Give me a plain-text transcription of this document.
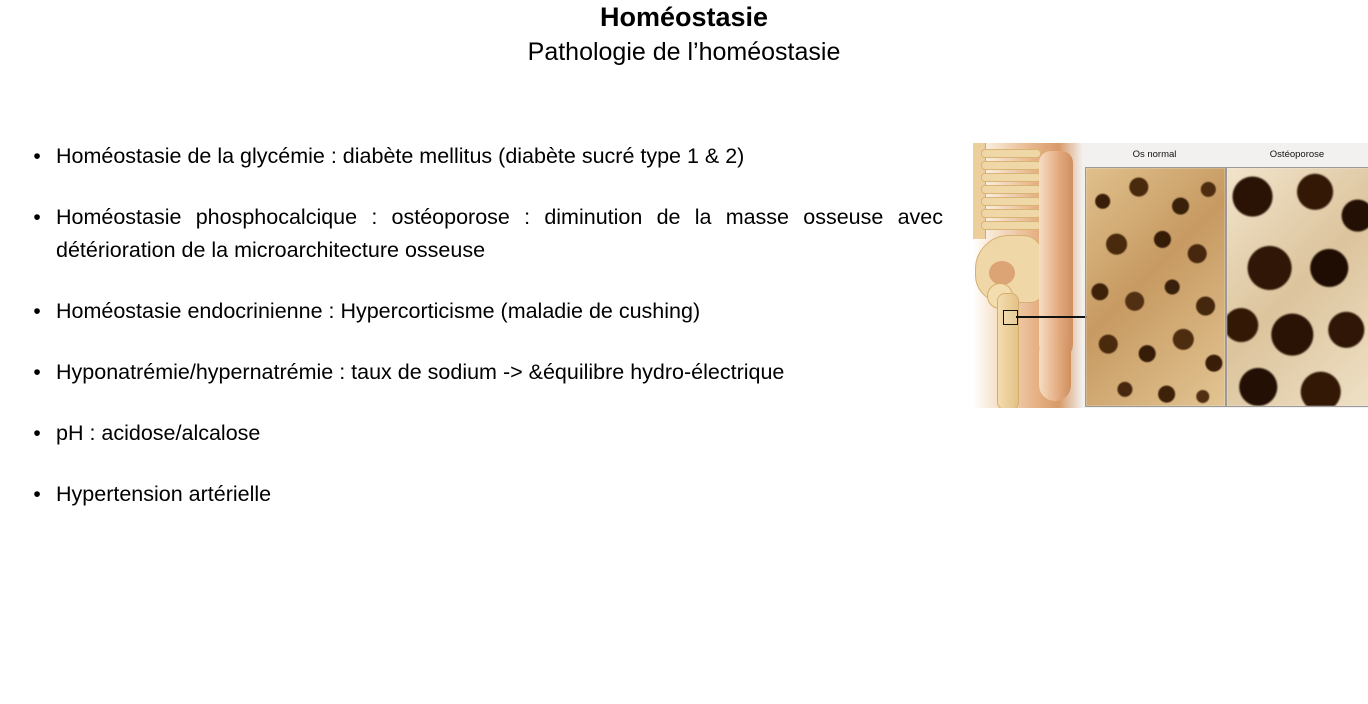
Homéostasie
Pathologie de l’homéostasie
• Homéostasie de la glycémie : diabète mellitus (diabète sucré type 1 & 2)
• Homéostasie phosphocalcique : ostéoporose : diminution de la masse osseuse avec détérioration de la microarchitecture osseuse
• Homéostasie endocrinienne : Hypercorticisme (maladie de cushing)
• Hyponatrémie/hypernatrémie : taux de sodium -> &équilibre hydro-électrique
• pH : acidose/alcalose
• Hypertension artérielle
Os normal	Ostéoporose
